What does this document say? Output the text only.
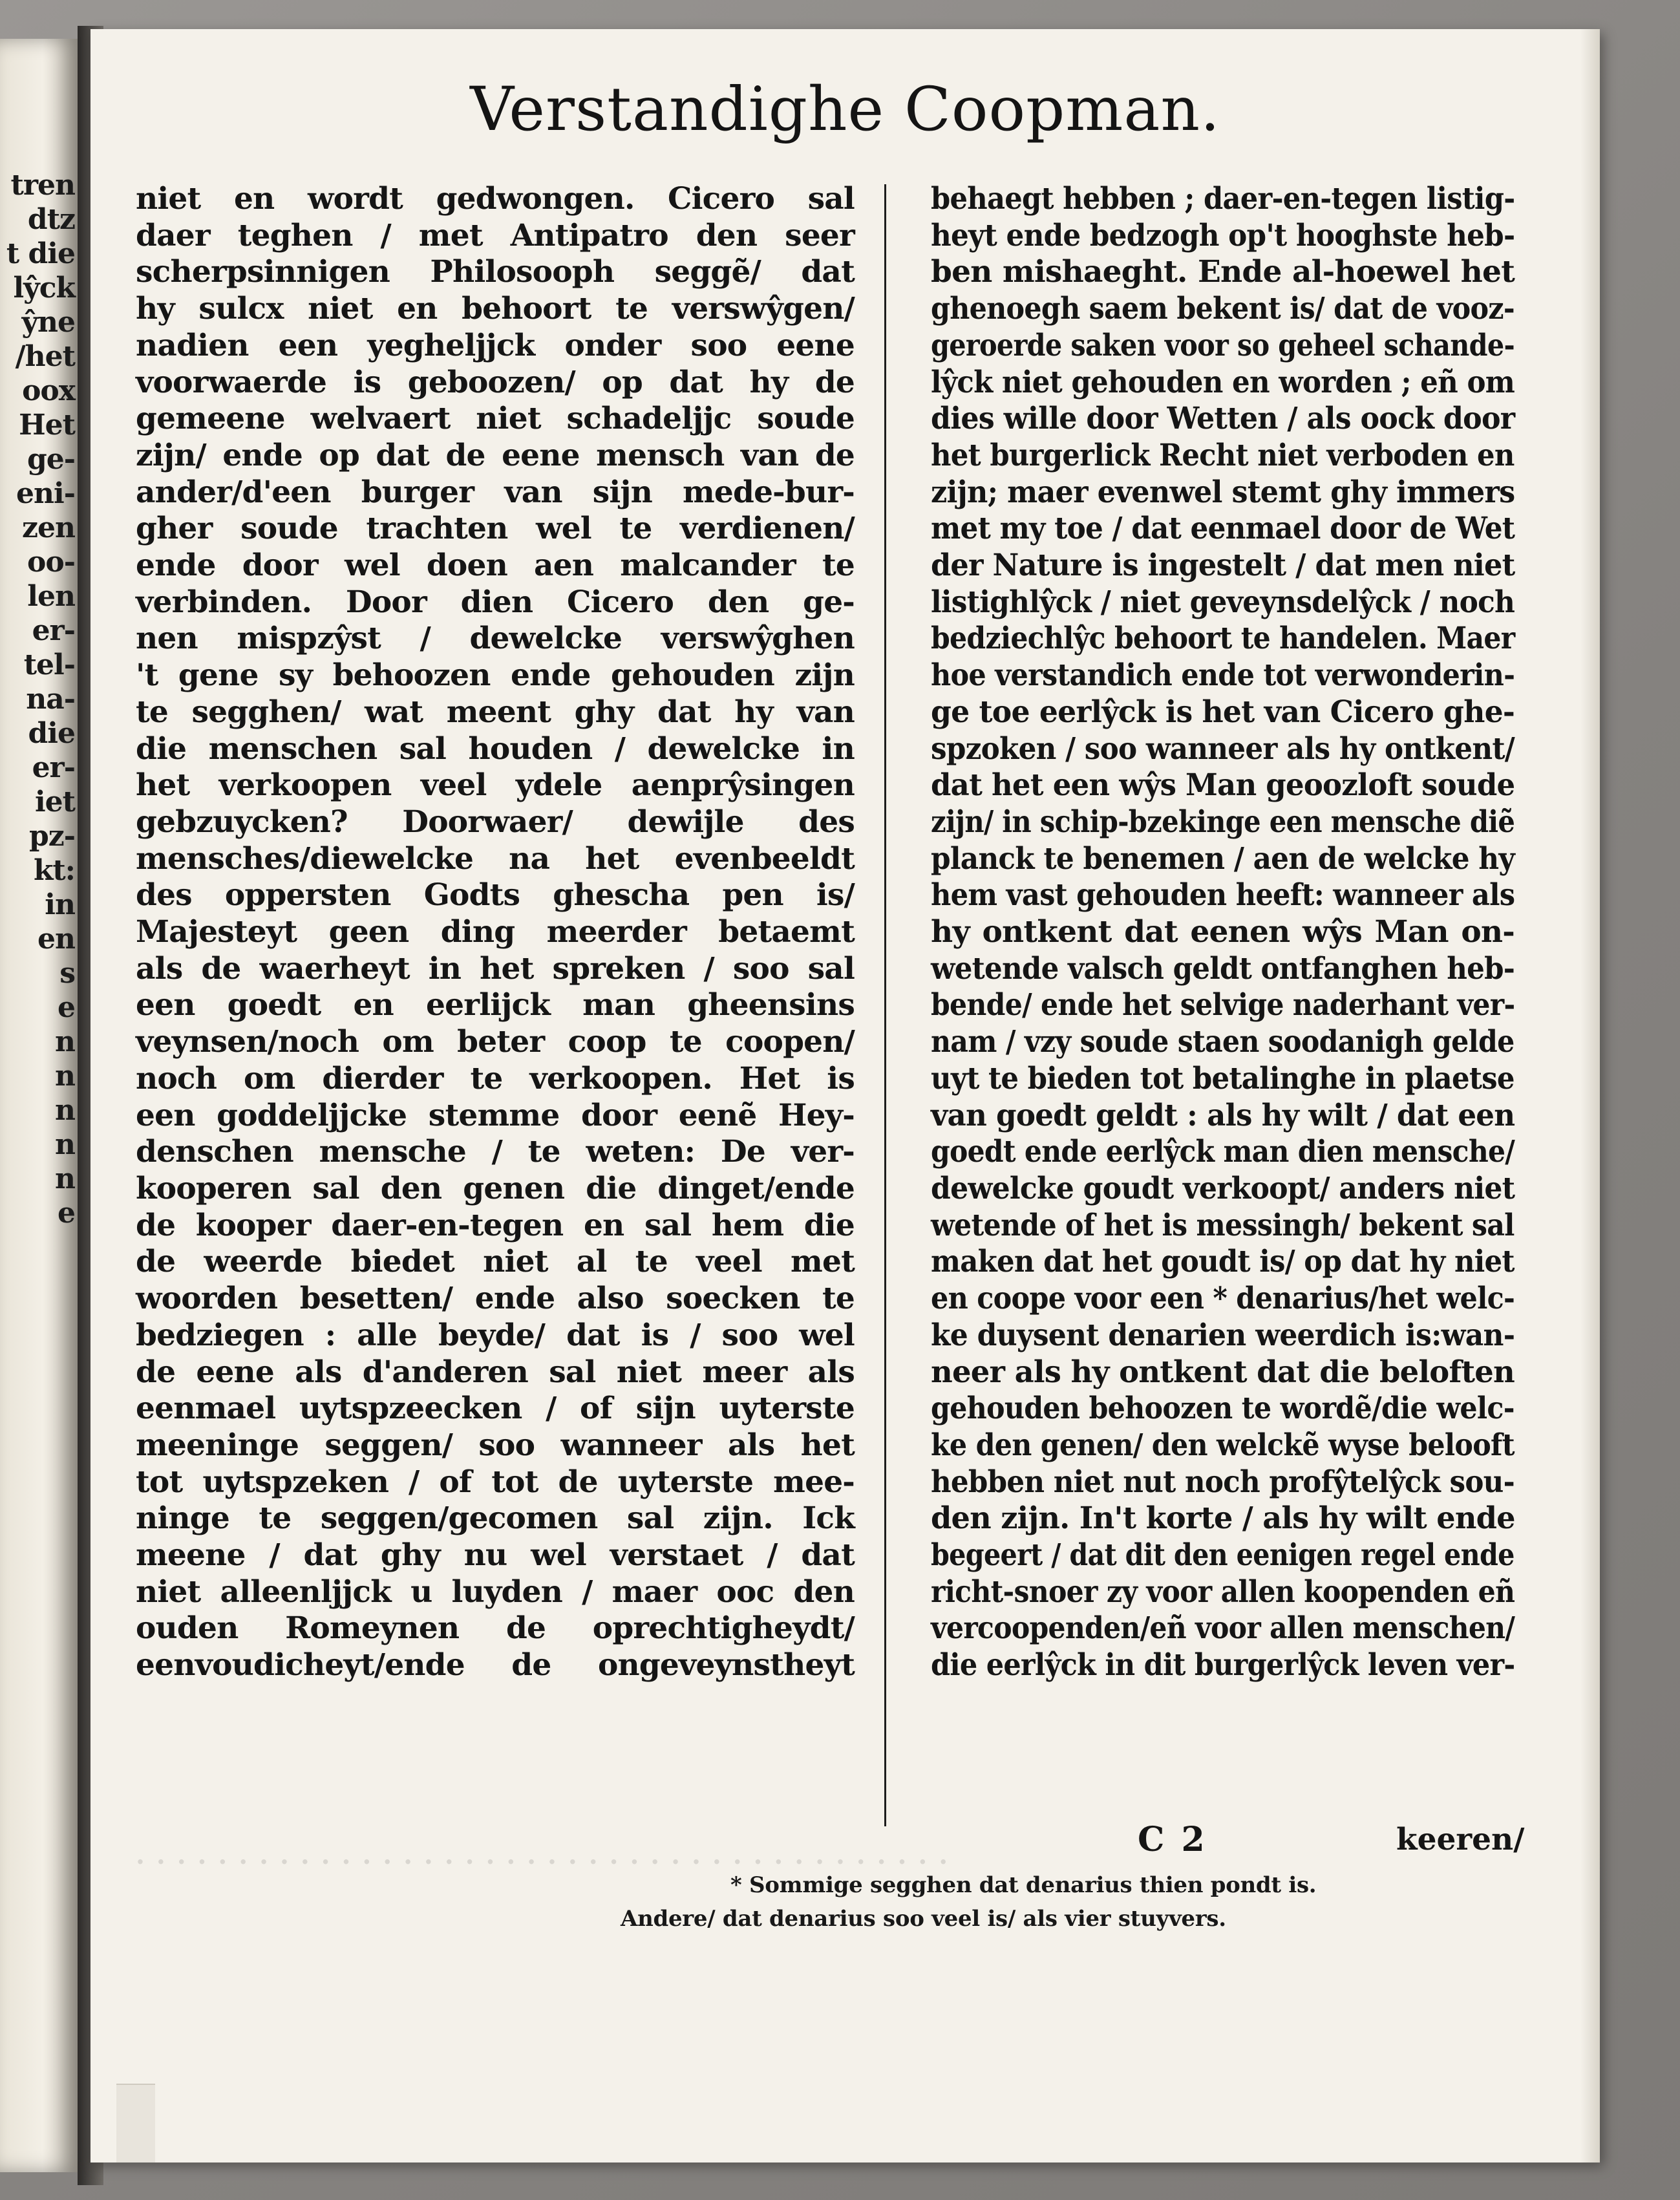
tren
dtz
t die
lŷck
ŷne
/het
oox
Het
ge-
eni-
zen
oo-
len
er-
tel-
na-
die
er-
iet
pz-
kt:
in
en
s
e
n
n
n
n
n
e
Verstandighe Coopman.
niet en wordt gedwongen. Cicero sal
daer teghen / met Antipatro den seer
scherpsinnigen Philosooph seggẽ/ dat
hy sulcx niet en behoort te verswŷgen/
nadien een yegheljjck onder soo eene
voorwaerde is geboozen/ op dat hy de
gemeene welvaert niet schadeljjc soude
zijn/ ende op dat de eene mensch van de
ander/d'een burger van sijn mede-bur-
gher soude trachten wel te verdienen/
ende door wel doen aen malcander te
verbinden. Door dien Cicero den ge-
nen mispzŷst / dewelcke verswŷghen
't gene sy behoozen ende gehouden zijn
te segghen/ wat meent ghy dat hy van
die menschen sal houden / dewelcke in
het verkoopen veel ydele aenprŷsingen
gebzuycken? Doorwaer/ dewijle des
mensches/diewelcke na het evenbeeldt
des oppersten Godts ghescha pen is/
Majesteyt geen ding meerder betaemt
als de waerheyt in het spreken / soo sal
een goedt en eerlijck man gheensins
veynsen/noch om beter coop te coopen/
noch om dierder te verkoopen. Het is
een goddeljjcke stemme door eenẽ Hey-
denschen mensche / te weten: De ver-
kooperen sal den genen die dinget/ende
de kooper daer-en-tegen en sal hem die
de weerde biedet niet al te veel met
woorden besetten/ ende also soecken te
bedziegen : alle beyde/ dat is / soo wel
de eene als d'anderen sal niet meer als
eenmael uytspzeecken / of sijn uyterste
meeninge seggen/ soo wanneer als het
tot uytspzeken / of tot de uyterste mee-
ninge te seggen/gecomen sal zijn. Ick
meene / dat ghy nu wel verstaet / dat
niet alleenljjck u luyden / maer ooc den
ouden Romeynen de oprechtigheydt/
eenvoudicheyt/ende de ongeveynstheyt
behaegt hebben ; daer-en-tegen listig-
heyt ende bedzogh op't hooghste heb-
ben mishaeght. Ende al-hoewel het
ghenoegh saem bekent is/ dat de vooz-
geroerde saken voor so geheel schande-
lŷck niet gehouden en worden ; eñ om
dies wille door Wetten / als oock door
het burgerlick Recht niet verboden en
zijn; maer evenwel stemt ghy immers
met my toe / dat eenmael door de Wet
der Nature is ingestelt / dat men niet
listighlŷck / niet geveynsdelŷck / noch
bedziechlŷc behoort te handelen. Maer
hoe verstandich ende tot verwonderin-
ge toe eerlŷck is het van Cicero ghe-
spzoken / soo wanneer als hy ontkent/
dat het een wŷs Man geoozloft soude
zijn/ in schip-bzekinge een mensche diẽ
planck te benemen / aen de welcke hy
hem vast gehouden heeft: wanneer als
hy ontkent dat eenen wŷs Man on-
wetende valsch geldt ontfanghen heb-
bende/ ende het selvige naderhant ver-
nam / vzy soude staen soodanigh gelde
uyt te bieden tot betalinghe in plaetse
van goedt geldt : als hy wilt / dat een
goedt ende eerlŷck man dien mensche/
dewelcke goudt verkoopt/ anders niet
wetende of het is messingh/ bekent sal
maken dat het goudt is/ op dat hy niet
en coope voor een * denarius/het welc-
ke duysent denarien weerdich is:wan-
neer als hy ontkent dat die beloften
gehouden behoozen te wordẽ/die welc-
ke den genen/ den welckẽ wyse belooft
hebben niet nut noch profŷtelŷck sou-
den zijn. In't korte / als hy wilt ende
begeert / dat dit den eenigen regel ende
richt-snoer zy voor allen koopenden eñ
vercoopenden/eñ voor allen menschen/
die eerlŷck in dit burgerlŷck leven ver-
C 2	keeren/
· · · · · · · · · · · · · · · · · · · · · · · · · · · · · · · · · · · · · · · ·
* Sommige segghen dat denarius thien pondt is.
Andere/ dat denarius soo veel is/ als vier stuyvers.
